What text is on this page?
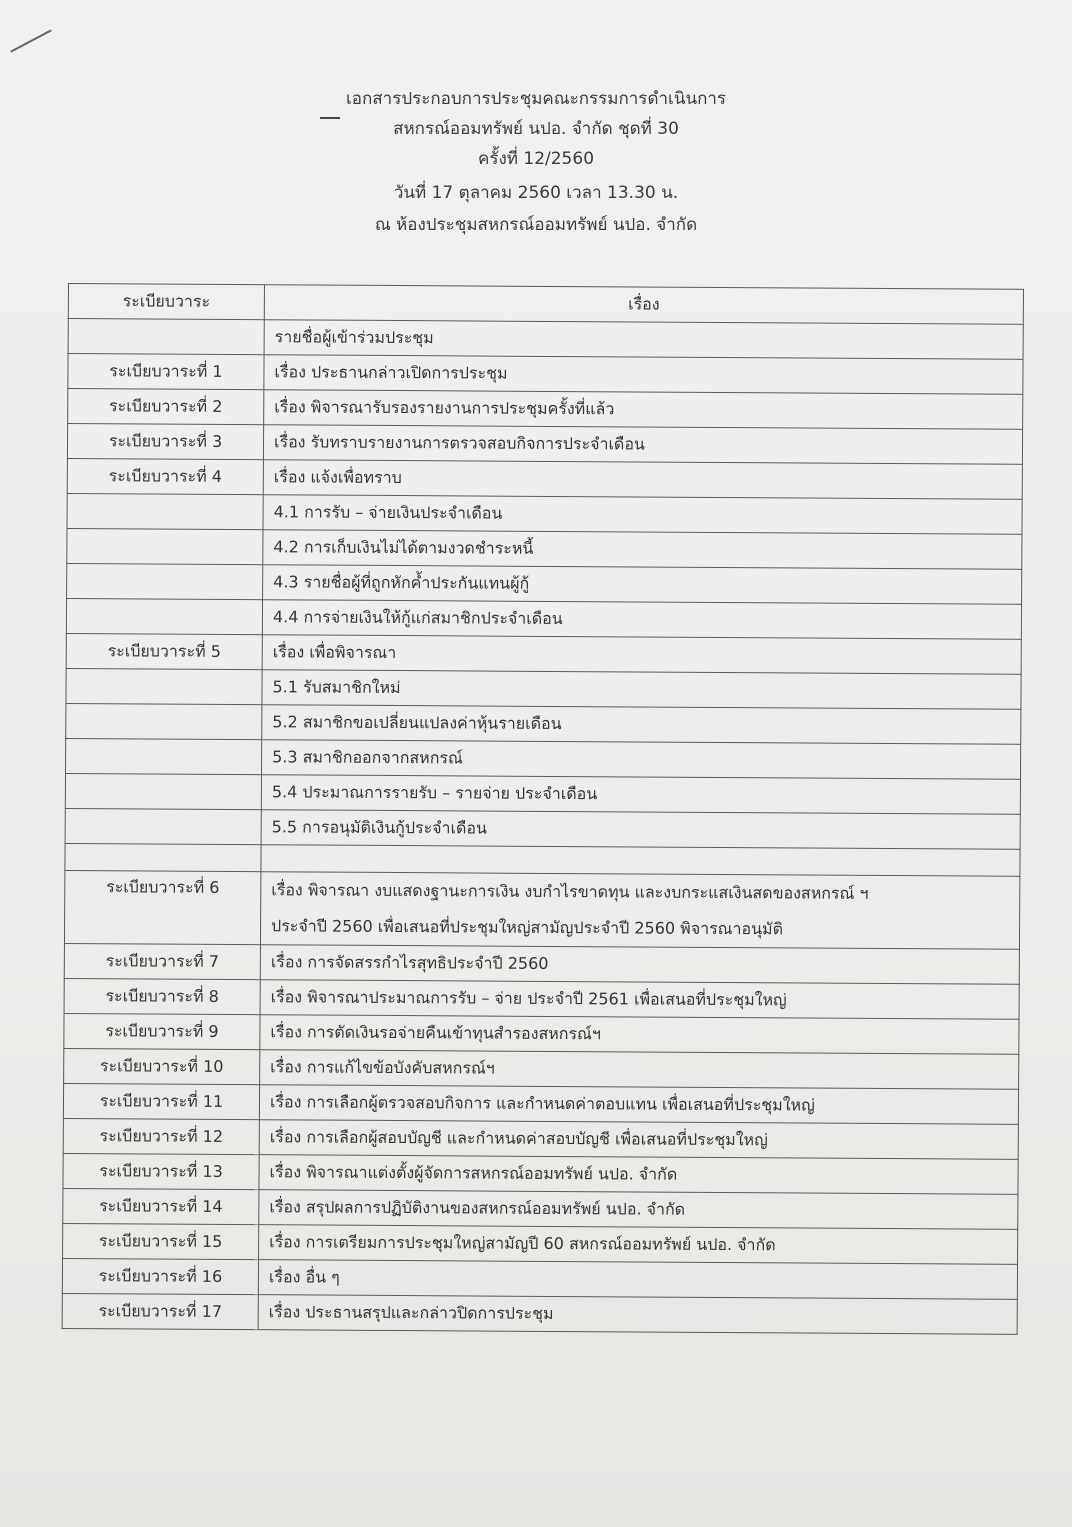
เอกสารประกอบการประชุมคณะกรรมการดำเนินการ
สหกรณ์ออมทรัพย์ นปอ. จำกัด ชุดที่ 30
ครั้งที่ 12/2560
วันที่ 17 ตุลาคม 2560 เวลา 13.30 น.
ณ ห้องประชุมสหกรณ์ออมทรัพย์ นปอ. จำกัด
ระเบียบวาระ	เรื่อง
	รายชื่อผู้เข้าร่วมประชุม
ระเบียบวาระที่ 1	เรื่อง ประธานกล่าวเปิดการประชุม
ระเบียบวาระที่ 2	เรื่อง พิจารณารับรองรายงานการประชุมครั้งที่แล้ว
ระเบียบวาระที่ 3	เรื่อง รับทราบรายงานการตรวจสอบกิจการประจำเดือน
ระเบียบวาระที่ 4	เรื่อง แจ้งเพื่อทราบ
	4.1 การรับ – จ่ายเงินประจำเดือน
	4.2 การเก็บเงินไม่ได้ตามงวดชำระหนี้
	4.3 รายชื่อผู้ที่ถูกหักค้ำประกันแทนผู้กู้
	4.4 การจ่ายเงินให้กู้แก่สมาชิกประจำเดือน
ระเบียบวาระที่ 5	เรื่อง เพื่อพิจารณา
	5.1 รับสมาชิกใหม่
	5.2 สมาชิกขอเปลี่ยนแปลงค่าหุ้นรายเดือน
	5.3 สมาชิกออกจากสหกรณ์
	5.4 ประมาณการรายรับ – รายจ่าย ประจำเดือน
	5.5 การอนุมัติเงินกู้ประจำเดือน

ระเบียบวาระที่ 6	เรื่อง พิจารณา งบแสดงฐานะการเงิน งบกำไรขาดทุน และงบกระแสเงินสดของสหกรณ์ ฯ
ประจำปี 2560 เพื่อเสนอที่ประชุมใหญ่สามัญประจำปี 2560 พิจารณาอนุมัติ

ระเบียบวาระที่ 7	เรื่อง การจัดสรรกำไรสุทธิประจำปี 2560
ระเบียบวาระที่ 8	เรื่อง พิจารณาประมาณการรับ – จ่าย ประจำปี 2561 เพื่อเสนอที่ประชุมใหญ่
ระเบียบวาระที่ 9	เรื่อง การตัดเงินรอจ่ายคืนเข้าทุนสำรองสหกรณ์ฯ
ระเบียบวาระที่ 10	เรื่อง การแก้ไขข้อบังคับสหกรณ์ฯ
ระเบียบวาระที่ 11	เรื่อง การเลือกผู้ตรวจสอบกิจการ และกำหนดค่าตอบแทน เพื่อเสนอที่ประชุมใหญ่
ระเบียบวาระที่ 12	เรื่อง การเลือกผู้สอบบัญชี และกำหนดค่าสอบบัญชี เพื่อเสนอที่ประชุมใหญ่
ระเบียบวาระที่ 13	เรื่อง พิจารณาแต่งตั้งผู้จัดการสหกรณ์ออมทรัพย์ นปอ. จำกัด
ระเบียบวาระที่ 14	เรื่อง สรุปผลการปฏิบัติงานของสหกรณ์ออมทรัพย์ นปอ. จำกัด
ระเบียบวาระที่ 15	เรื่อง การเตรียมการประชุมใหญ่สามัญปี 60 สหกรณ์ออมทรัพย์ นปอ. จำกัด
ระเบียบวาระที่ 16	เรื่อง อื่น ๆ
ระเบียบวาระที่ 17	เรื่อง ประธานสรุปและกล่าวปิดการประชุม
